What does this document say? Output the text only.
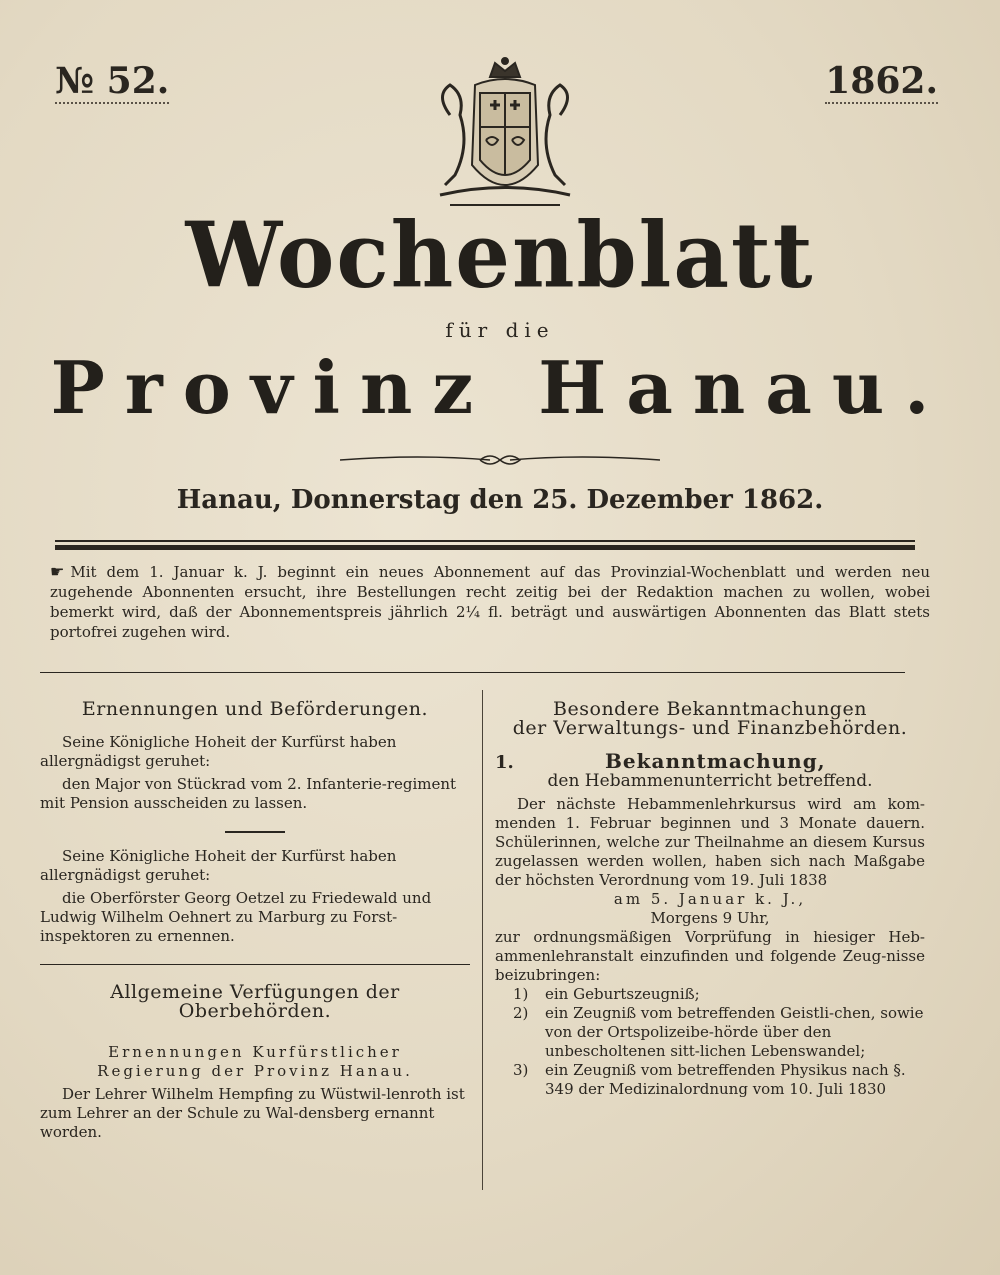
№ 52.	1862.
Wochenblatt
für die
Provinz Hanau.
Hanau, Donnerstag den 25. Dezember 1862.
☛ Mit dem 1. Januar k. J. beginnt ein neues Abonnement auf das Provinzial-Wochenblatt und werden neu zugehende Abonnenten ersucht, ihre Bestellungen recht zeitig bei der Redaktion machen zu wollen, wobei bemerkt wird, daß der Abonnementspreis jährlich 2¼ fl. beträgt und auswärtigen Abonnenten das Blatt stets portofrei zugehen wird.
Ernennungen und Beförderungen.

Seine Königliche Hoheit der Kurfürst haben allergnädigst geruhet:

den Major von Stückrad vom 2. Infanterie-regiment mit Pension ausscheiden zu lassen.

Seine Königliche Hoheit der Kurfürst haben allergnädigst geruhet:

die Oberförster Georg Oetzel zu Friedewald und Ludwig Wilhelm Oehnert zu Marburg zu Forst-inspektoren zu ernennen.

Allgemeine Verfügungen der Oberbehörden.

Ernennungen Kurfürstlicher

Regierung der Provinz Hanau.

Der Lehrer Wilhelm Hempfing zu Wüstwil-lenroth ist zum Lehrer an der Schule zu Wal-densberg ernannt worden.

Besondere Bekanntmachungen
der Verwaltungs- und Finanzbehörden.
1.	Bekanntmachung,

den Hebammenunterricht betreffend.

Der nächste Hebammenlehrkursus wird am kom-menden 1. Februar beginnen und 3 Monate dauern. Schülerinnen, welche zur Theilnahme an diesem Kursus zugelassen werden wollen, haben sich nach Maßgabe der höchsten Verordnung vom 19. Juli 1838

am 5. Januar k. J.,

Morgens 9 Uhr,

zur ordnungsmäßigen Vorprüfung in hiesiger Heb-ammenlehranstalt einzufinden und folgende Zeug-nisse beizubringen:

1)	ein Geburtszeugniß;
2)	ein Zeugniß vom betreffenden Geistli-chen, sowie von der Ortspolizeibe-hörde über den unbescholtenen sitt-lichen Lebenswandel;
3)	ein Zeugniß vom betreffenden Physikus nach §. 349 der Medizinalordnung vom 10. Juli 1830
